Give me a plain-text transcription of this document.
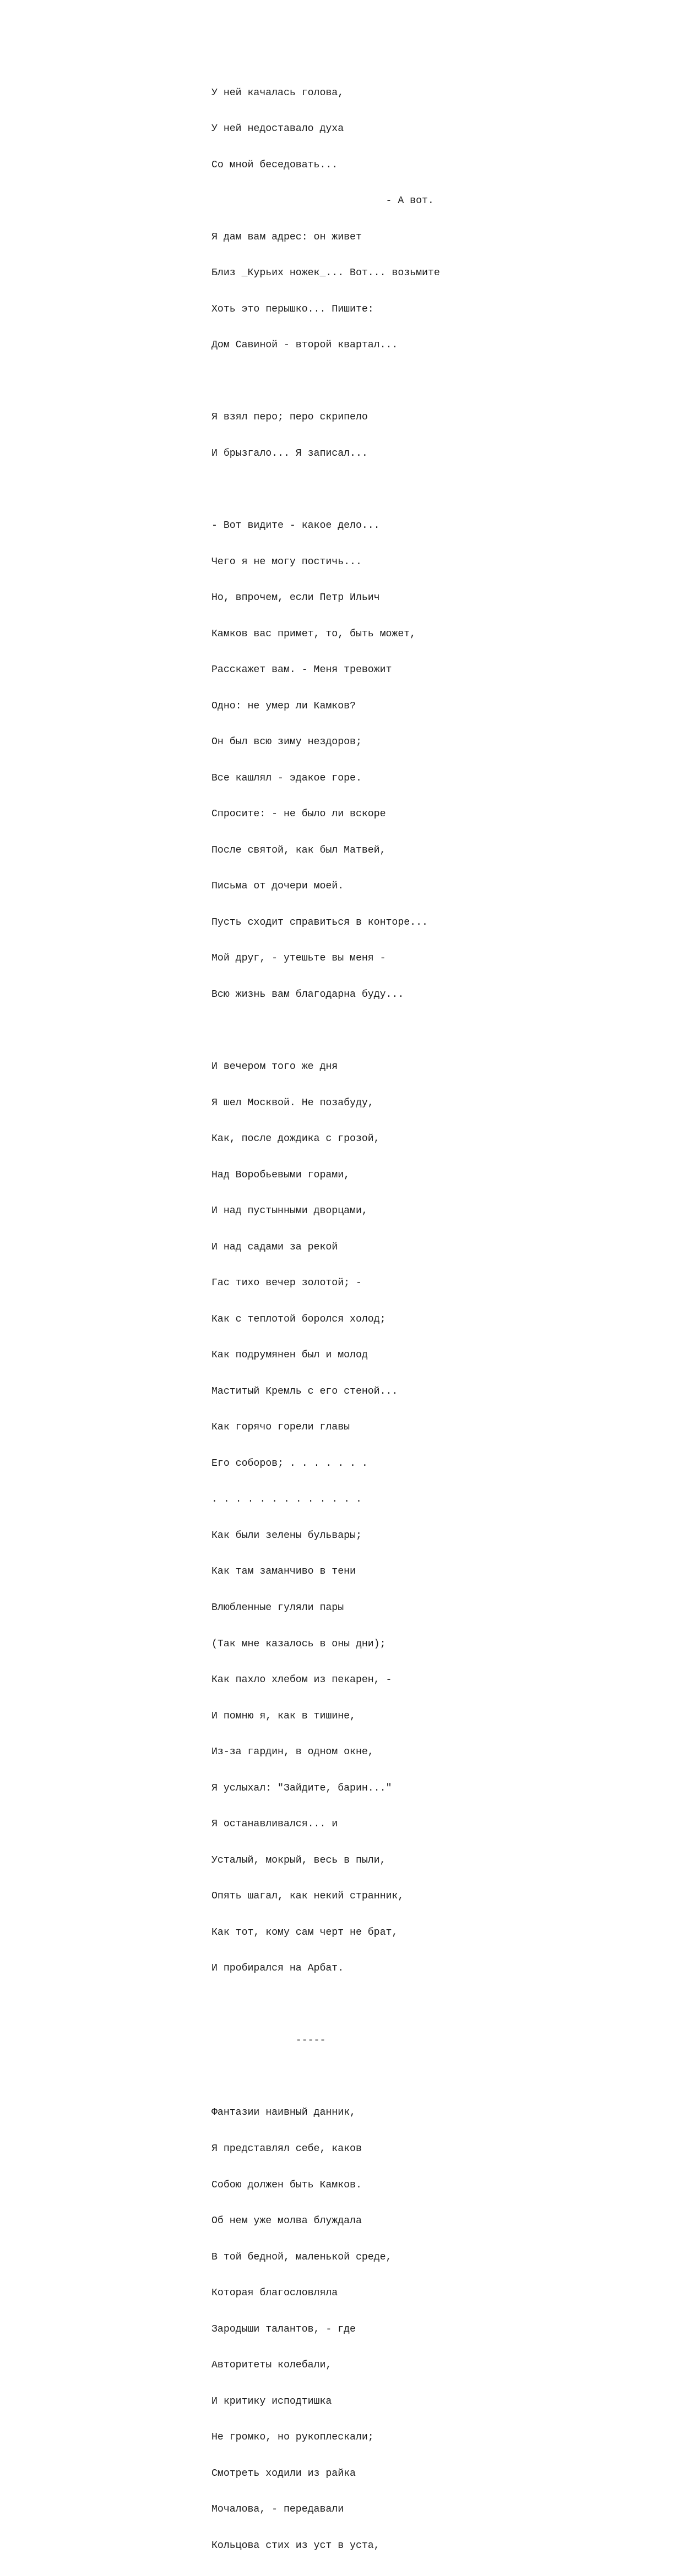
У ней качалась голова,

У ней недоставало духа

Со мной беседовать...

- А вот.

Я дам вам адрес: он живет

Близ _Курьих ножек_... Вот... возьмите

Хоть это перышко... Пишите:

Дом Савиной - второй квартал...

Я взял перо; перо скрипело

И брызгало... Я записал...

- Вот видите - какое дело...

Чего я не могу постичь...

Но, впрочем, если Петр Ильич

Камков вас примет, то, быть может,

Расскажет вам. - Меня тревожит

Одно: не умер ли Камков?

Он был всю зиму нездоров;

Все кашлял - эдакое горе.

Спросите: - не было ли вскоре

После святой, как был Матвей,

Письма от дочери моей.

Пусть сходит справиться в конторе...

Мой друг, - утешьте вы меня -

Всю жизнь вам благодарна буду...

И вечером того же дня

Я шел Москвой. Не позабуду,

Как, после дождика с грозой,

Над Воробьевыми горами,

И над пустынными дворцами,

И над садами за рекой

Гас тихо вечер золотой; -

Как с теплотой боролся холод;

Как подрумянен был и молод

Маститый Кремль с его стеной...

Как горячо горели главы

Его соборов; . . . . . . .

. . . . . . . . . . . . .

Как были зелены бульвары;

Как там заманчиво в тени

Влюбленные гуляли пары

(Так мне казалось в оны дни);

Как пахло хлебом из пекарен, -

И помню я, как в тишине,

Из-за гардин, в одном окне,

Я услыхал: "Зайдите, барин..."

Я останавливался... и

Усталый, мокрый, весь в пыли,

Опять шагал, как некий странник,

Как тот, кому сам черт не брат,

И пробирался на Арбат.

-----

Фантазии наивный данник,

Я представлял себе, каков

Собою должен быть Камков.

Об нем уже молва блуждала

В той бедной, маленькой среде,

Которая благословляла

Зародыши талантов, - где

Авторитеты колебали,

И критику исподтишка

Не громко, но рукоплескали;

Смотреть ходили из райка

Мочалова, - передавали

Кольцова стих из уст в уста,
